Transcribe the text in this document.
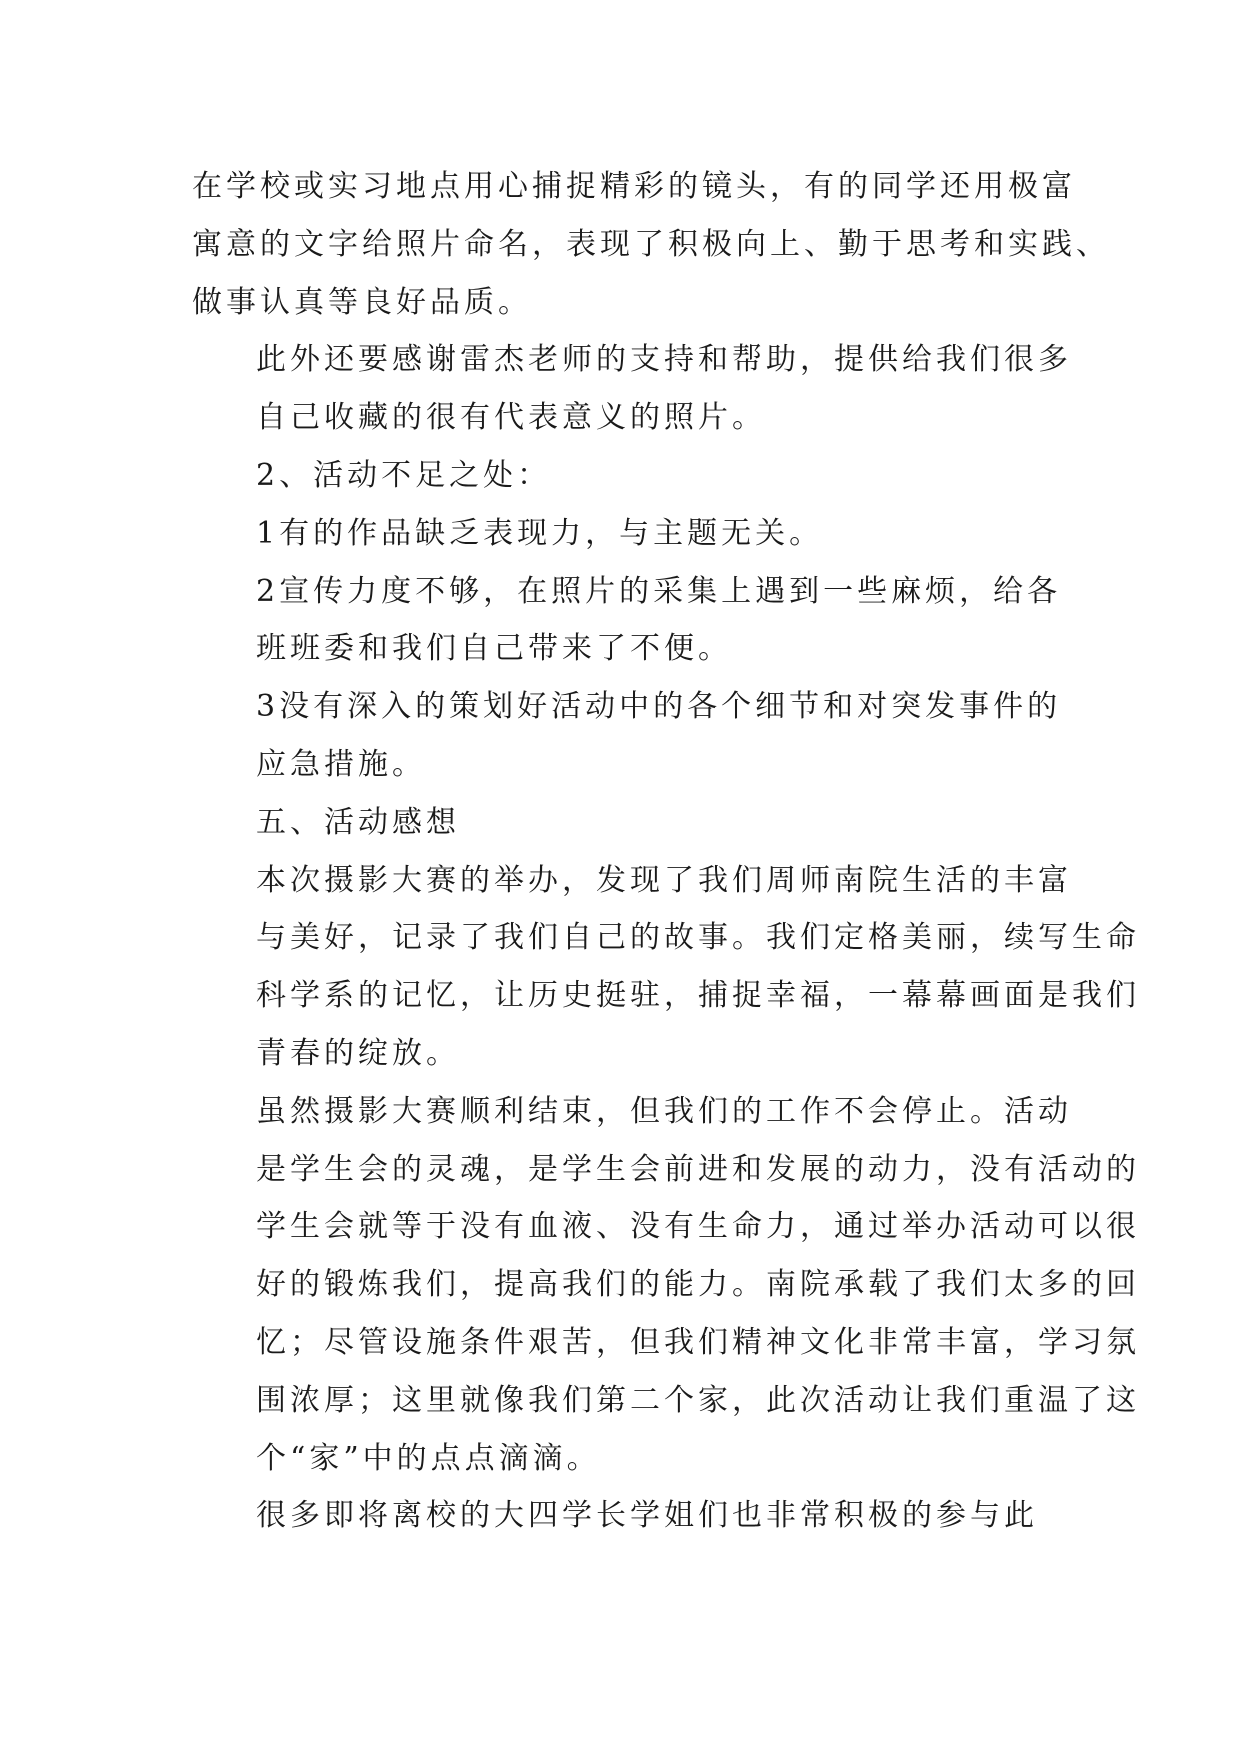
在学校或实习地点用心捕捉精彩的镜头，有的同学还用极富
寓意的文字给照片命名，表现了积极向上、勤于思考和实践、
做事认真等良好品质。

此外还要感谢雷杰老师的支持和帮助，提供给我们很多
自己收藏的很有代表意义的照片。

2、活动不足之处：

1有的作品缺乏表现力，与主题无关。

2宣传力度不够，在照片的采集上遇到一些麻烦，给各
班班委和我们自己带来了不便。

3没有深入的策划好活动中的各个细节和对突发事件的
应急措施。

五、活动感想

本次摄影大赛的举办，发现了我们周师南院生活的丰富
与美好，记录了我们自己的故事。我们定格美丽，续写生命
科学系的记忆，让历史挺驻，捕捉幸福，一幕幕画面是我们
青春的绽放。

虽然摄影大赛顺利结束，但我们的工作不会停止。活动
是学生会的灵魂，是学生会前进和发展的动力，没有活动的
学生会就等于没有血液、没有生命力，通过举办活动可以很
好的锻炼我们，提高我们的能力。南院承载了我们太多的回
忆；尽管设施条件艰苦，但我们精神文化非常丰富，学习氛
围浓厚；这里就像我们第二个家，此次活动让我们重温了这
个“家”中的点点滴滴。

很多即将离校的大四学长学姐们也非常积极的参与此
